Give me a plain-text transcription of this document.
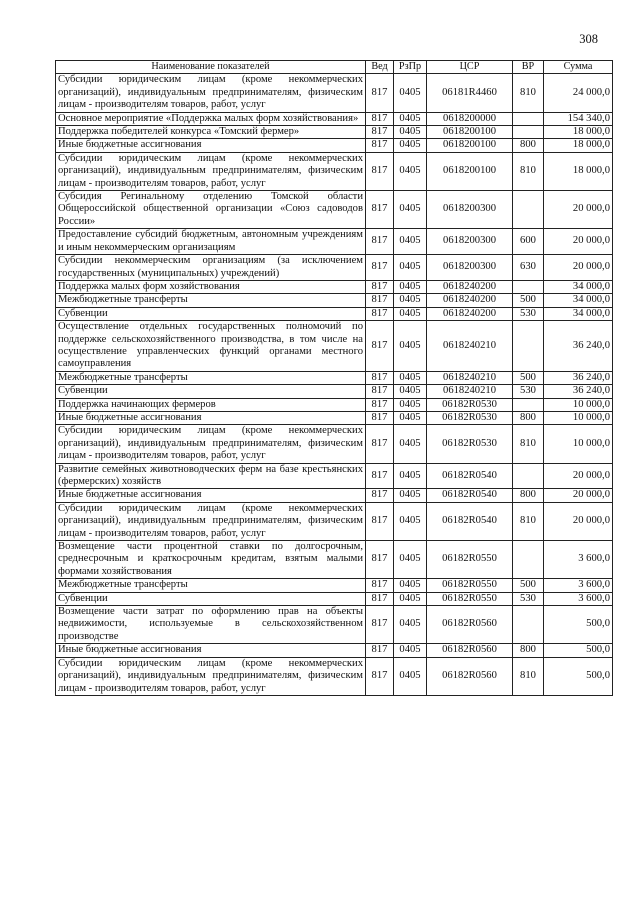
308
Наименование показателей	Вед	РзПр	ЦСР	ВР	Сумма
Субсидии юридическим лицам (кроме некоммерческих организаций), индивидуальным предпринимателям, физическим лицам - производителям товаров, работ, услуг	817	0405	06181R4460	810	24 000,0
Основное мероприятие «Поддержка малых форм хозяйствования»	817	0405	0618200000		154 340,0
Поддержка победителей конкурса «Томский фермер»	817	0405	0618200100		18 000,0
Иные бюджетные ассигнования	817	0405	0618200100	800	18 000,0
Субсидии юридическим лицам (кроме некоммерческих организаций), индивидуальным предпринимателям, физическим лицам - производителям товаров, работ, услуг	817	0405	0618200100	810	18 000,0
Субсидия Регинальному отделению Томской области Общероссийской общественной организации «Союз садоводов России»	817	0405	0618200300		20 000,0
Предоставление субсидий бюджетным, автономным учреждениям и иным некоммерческим организациям	817	0405	0618200300	600	20 000,0
Субсидии некоммерческим организациям (за исключением государственных (муниципальных) учреждений)	817	0405	0618200300	630	20 000,0
Поддержка малых форм хозяйствования	817	0405	0618240200		34 000,0
Межбюджетные трансферты	817	0405	0618240200	500	34 000,0
Субвенции	817	0405	0618240200	530	34 000,0
Осуществление отдельных государственных полномочий по поддержке сельскохозяйственного производства, в том числе на осуществление управленческих функций органами местного самоуправления	817	0405	0618240210		36 240,0
Межбюджетные трансферты	817	0405	0618240210	500	36 240,0
Субвенции	817	0405	0618240210	530	36 240,0
Поддержка начинающих фермеров	817	0405	06182R0530		10 000,0
Иные бюджетные ассигнования	817	0405	06182R0530	800	10 000,0
Субсидии юридическим лицам (кроме некоммерческих организаций), индивидуальным предпринимателям, физическим лицам - производителям товаров, работ, услуг	817	0405	06182R0530	810	10 000,0
Развитие семейных животноводческих ферм на базе крестьянских (фермерских) хозяйств	817	0405	06182R0540		20 000,0
Иные бюджетные ассигнования	817	0405	06182R0540	800	20 000,0
Субсидии юридическим лицам (кроме некоммерческих организаций), индивидуальным предпринимателям, физическим лицам - производителям товаров, работ, услуг	817	0405	06182R0540	810	20 000,0
Возмещение части процентной ставки по долгосрочным, среднесрочным и краткосрочным кредитам, взятым малыми формами хозяйствования	817	0405	06182R0550		3 600,0
Межбюджетные трансферты	817	0405	06182R0550	500	3 600,0
Субвенции	817	0405	06182R0550	530	3 600,0
Возмещение части затрат по оформлению прав на объекты недвижимости, используемые в сельскохозяйственном производстве	817	0405	06182R0560		500,0
Иные бюджетные ассигнования	817	0405	06182R0560	800	500,0
Субсидии юридическим лицам (кроме некоммерческих организаций), индивидуальным предпринимателям, физическим лицам - производителям товаров, работ, услуг	817	0405	06182R0560	810	500,0
